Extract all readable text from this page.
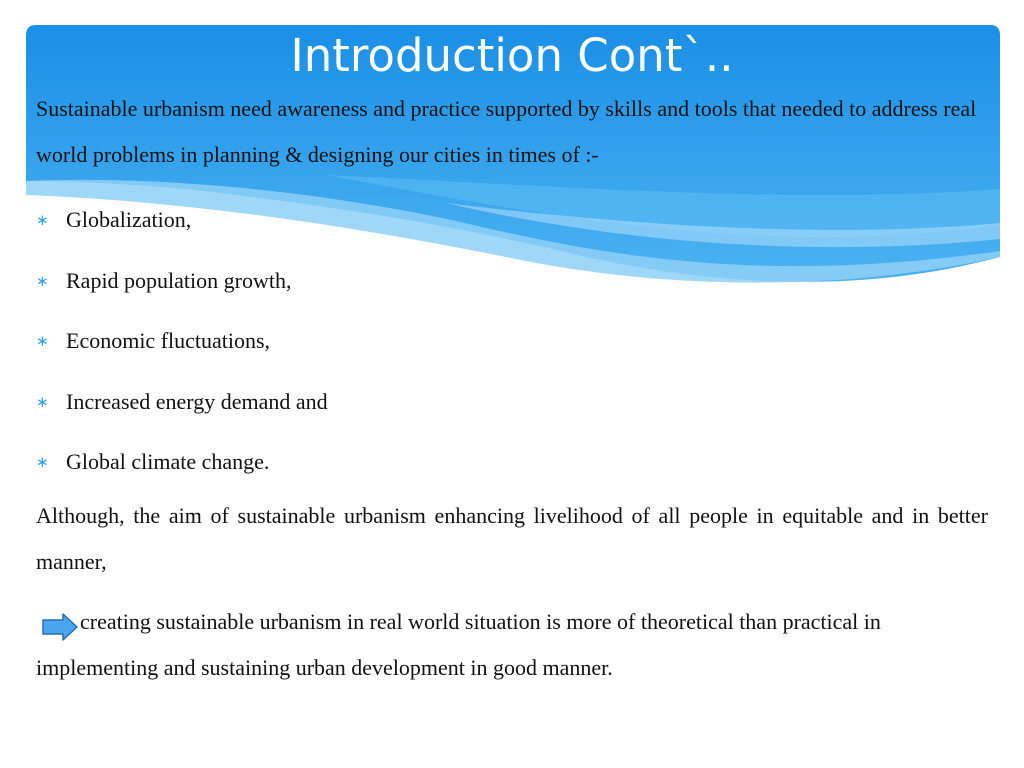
Introduction Cont`..

Sustainable urbanism need awareness and practice supported by skills and tools that needed to address real world problems in planning & designing our cities in times of :-

∗ Globalization,
∗ Rapid population growth,
∗ Economic fluctuations,
∗ Increased energy demand and
∗ Global climate change.

Although, the aim of sustainable urbanism enhancing livelihood of all people in equitable and in better manner,

creating sustainable urbanism in real world situation is more of theoretical than practical in implementing and sustaining urban development in good manner.
